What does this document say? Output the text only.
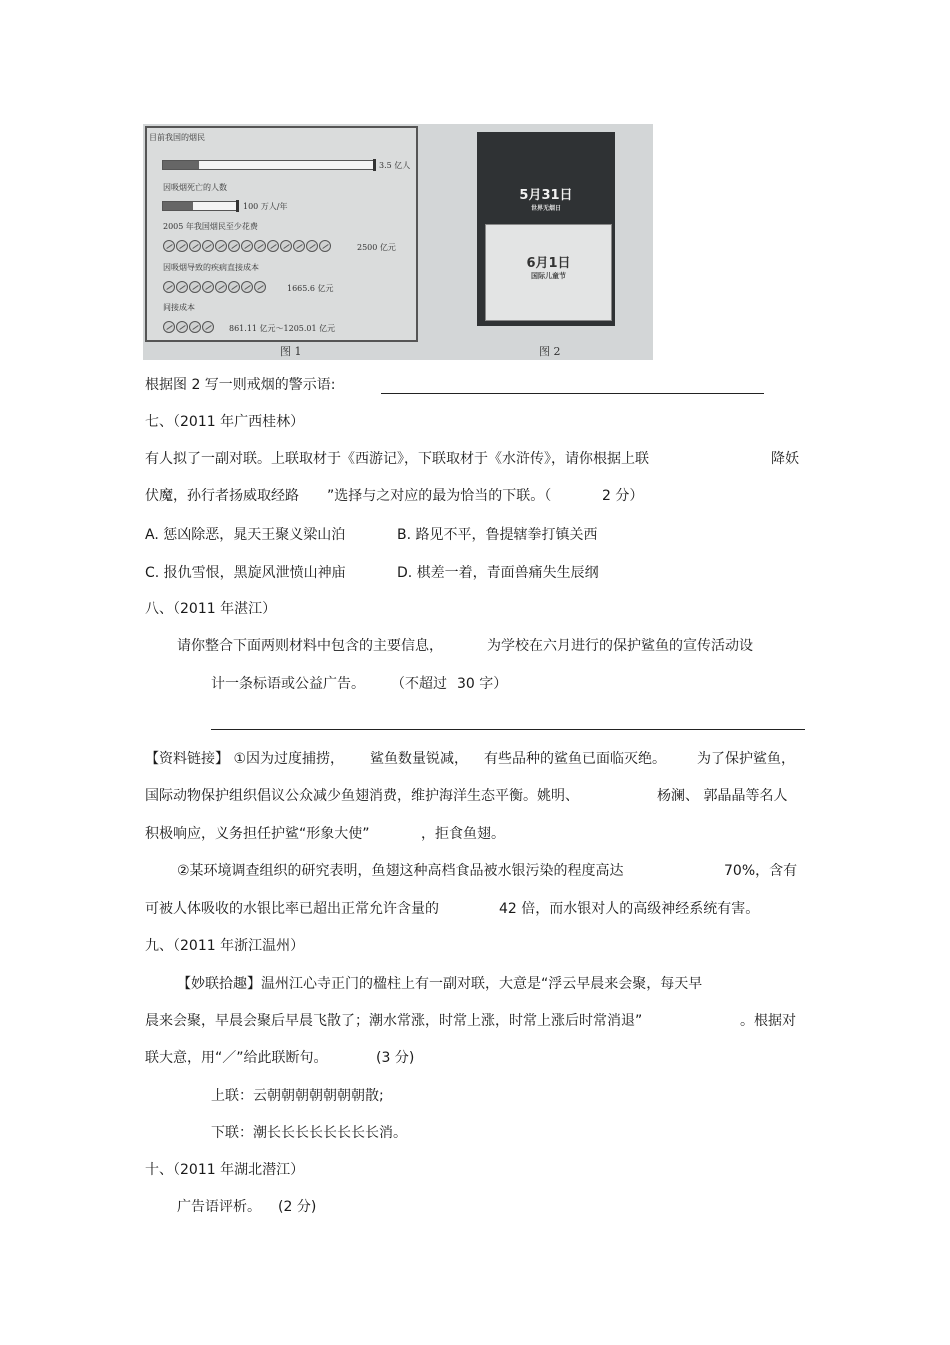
目前我国的烟民
3.5 亿人
因吸烟死亡的人数
100 万人/年
2005 年我国烟民至少花费
2500 亿元
因吸烟导致的疾病直接成本
1665.6 亿元
间接成本
861.11 亿元～1205.01 亿元
图 1
5月31日
世界无烟日
6月1日
国际儿童节
图 2
根据图 2 写一则戒烟的警示语:
七、（2011 年广西桂林）
有人拟了一副对联。上联取材于《西游记》，下联取材于《水浒传》，请你根据上联	降妖
伏魔，孙行者扬威取经路 ”选择与之对应的最为恰当的下联。（	2 分）
A. 惩凶除恶，晁天王聚义梁山泊	B. 路见不平，鲁提辖拳打镇关西
C. 报仇雪恨，黑旋风泄愤山神庙	D. 棋差一着，青面兽痛失生辰纲
八、（2011 年湛江）
请你整合下面两则材料中包含的主要信息，	为学校在六月进行的保护鲨鱼的宣传活动设
计一条标语或公益广告。 （不超过 30 字）
【资料链接】 ①因为过度捕捞， 鲨鱼数量锐减， 有些品种的鲨鱼已面临灭绝。 为了保护鲨鱼，
国际动物保护组织倡议公众减少鱼翅消费，维护海洋生态平衡。姚明、	杨澜、 郭晶晶等名人
积极响应，义务担任护鲨“形象大使”	，拒食鱼翅。
②某环境调查组织的研究表明，鱼翅这种高档食品被水银污染的程度高达	70%，含有
可被人体吸收的水银比率已超出正常允许含量的	42 倍，而水银对人的高级神经系统有害。
九、（2011 年浙江温州）
【妙联拾趣】温州江心寺正门的楹柱上有一副对联，大意是“浮云早晨来会聚，每天早
晨来会聚，早晨会聚后早晨飞散了；潮水常涨，时常上涨，时常上涨后时常消退”	。根据对
联大意，用“／”给此联断句。	(3 分)
上联：云朝朝朝朝朝朝朝散;
下联：潮长长长长长长长长消。
十、（2011 年湖北潜江）
广告语评析。 (2 分)
